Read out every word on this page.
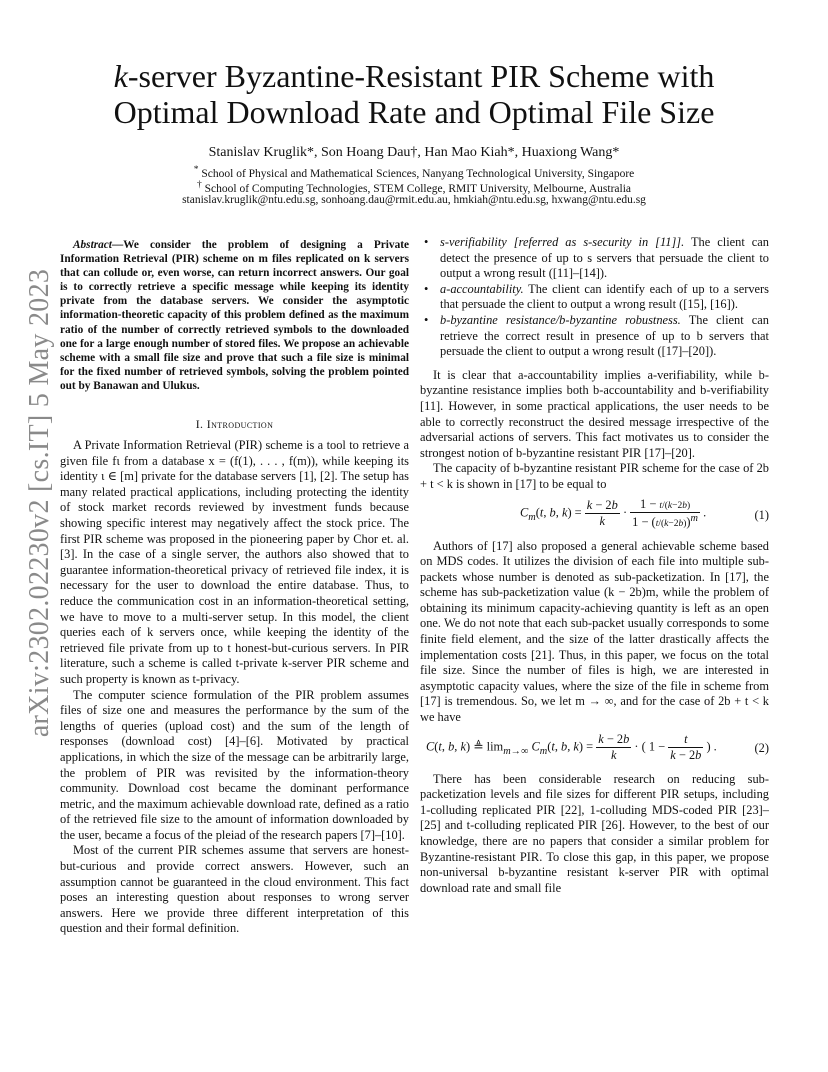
arXiv:2302.02230v2 [cs.IT] 5 May 2023
k-server Byzantine-Resistant PIR Scheme with
Optimal Download Rate and Optimal File Size
Stanislav Kruglik*, Son Hoang Dau†, Han Mao Kiah*, Huaxiong Wang*
* School of Physical and Mathematical Sciences, Nanyang Technological University, Singapore
† School of Computing Technologies, STEM College, RMIT University, Melbourne, Australia
stanislav.kruglik@ntu.edu.sg, sonhoang.dau@rmit.edu.au, hmkiah@ntu.edu.sg, hxwang@ntu.edu.sg

Abstract—We consider the problem of designing a Private Information Retrieval (PIR) scheme on m files replicated on k servers that can collude or, even worse, can return incorrect answers. Our goal is to correctly retrieve a specific message while keeping its identity private from the database servers. We consider the asymptotic information-theoretic capacity of this problem defined as the maximum ratio of the number of correctly retrieved symbols to the downloaded one for a large enough number of stored files. We propose an achievable scheme with a small file size and prove that such a file size is minimal for the fixed number of retrieved symbols, solving the problem pointed out by Banawan and Ulukus.

I. Introduction

A Private Information Retrieval (PIR) scheme is a tool to retrieve a given file fι from a database x = (f(1), . . . , f(m)), while keeping its identity ι ∈ [m] private for the database servers [1], [2]. The setup has many related practical applications, including protecting the identity of stock market records reviewed by investment funds because showing specific interest may negatively affect the stock price. The first PIR scheme was proposed in the pioneering paper by Chor et. al. [3]. In the case of a single server, the authors also showed that to guarantee information-theoretical privacy of retrieved file index, it is necessary for the user to download the entire database. Thus, to reduce the communication cost in an information-theoretical setting, we have to move to a multi-server setup. In this model, the client queries each of k servers once, while keeping the identity of the retrieved file private from up to t honest-but-curious servers. In PIR literature, such a scheme is called t-private k-server PIR scheme and such property is known as t-privacy.

The computer science formulation of the PIR problem assumes files of size one and measures the performance by the sum of the lengths of queries (upload cost) and the sum of the length of responses (download cost) [4]–[6]. Motivated by practical applications, in which the size of the message can be arbitrarily large, the problem of PIR was revisited by the information-theory community. Download cost became the dominant performance metric, and the maximum achievable download rate, defined as a ratio of the retrieved file size to the amount of information downloaded by the user, became a focus of the pleiad of the research papers [7]–[10].

Most of the current PIR schemes assume that servers are honest-but-curious and provide correct answers. However, such an assumption cannot be guaranteed in the cloud environment. This fact poses an interesting question about responses to wrong server answers. Here we provide three different interpretation of this question and their formal definition.

• s-verifiability [referred as s-security in [11]]. The client can detect the presence of up to s servers that persuade the client to output a wrong result ([11]–[14]).

• a-accountability. The client can identify each of up to a servers that persuade the client to output a wrong result ([15], [16]).

• b-byzantine resistance/b-byzantine robustness. The client can retrieve the correct result in presence of up to b servers that persuade the client to output a wrong result ([17]–[20]).

It is clear that a-accountability implies a-verifiability, while b-byzantine resistance implies both b-accountability and b-verifiability [11]. However, in some practical applications, the user needs to be able to correctly reconstruct the desired message irrespective of the adversarial actions of servers. This fact motivates us to consider the strongest notion of b-byzantine resistant PIR [17]–[20].

The capacity of b-byzantine resistant PIR scheme for the case of 2b + t < k is shown in [17] to be equal to

$C_m(t$, b, $k) = \frac{k - 2b}{k} \cdot \frac{1 - t/(k-2b)}{1 - (t/(k-2b))^m}$ .	(1)

Authors of [17] also proposed a general achievable scheme based on MDS codes. It utilizes the division of each file into multiple sub-packets whose number is denoted as sub-packetization. In [17], the scheme has sub-packetization value (k − 2b)m, while the problem of obtaining its minimum capacity-achieving quantity is left as an open one. We do not note that each sub-packet usually corresponds to some finite field element, and the size of the latter drastically affects the implementation costs [21]. Thus, in this paper, we focus on the total file size. Since the number of files is high, we are interested in asymptotic capacity values, where the size of the file in scheme from [17] is tremendous. So, we let m → ∞, and for the case of 2b + t < k we have

C(t, b, k) ≜ $\lim_{m\to\infty} C_m(t$, b, $k) = \frac{k - 2b}{k}$ · ( $1 - \frac{t}{k - 2b}$ ) .	(2)

There has been considerable research on reducing sub-packetization levels and file sizes for different PIR setups, including 1-colluding replicated PIR [22], 1-colluding MDS-coded PIR [23]–[25] and t-colluding replicated PIR [26]. However, to the best of our knowledge, there are no papers that consider a similar problem for Byzantine-resistant PIR. To close this gap, in this paper, we propose non-universal b-byzantine resistant k-server PIR with optimal download rate and small file
